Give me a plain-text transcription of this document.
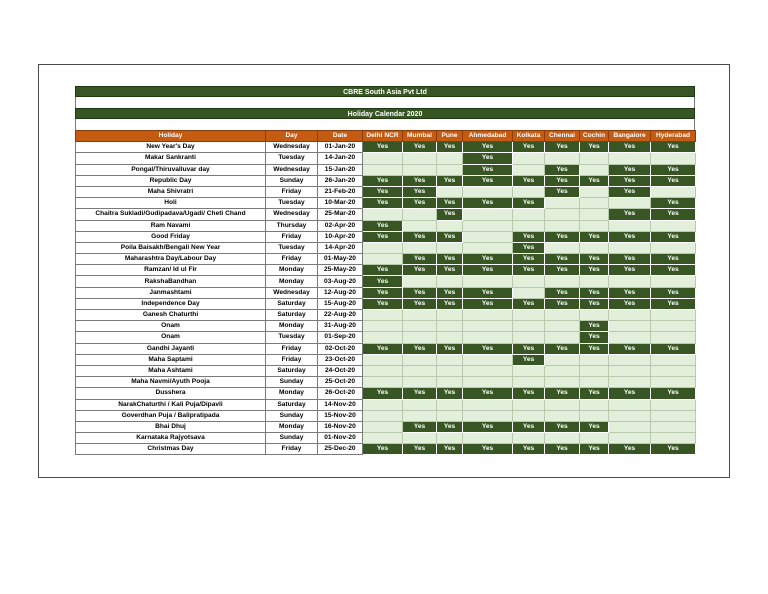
CBRE South Asia Pvt Ltd
Holiday Calendar 2020
Holiday	Day	Date	Delhi NCR	Mumbai	Pune	Ahmedabad	Kolkata	Chennai	Cochin	Bangalore	Hyderabad
New Year's Day	Wednesday	01-Jan-20	Yes	Yes	Yes	Yes	Yes	Yes	Yes	Yes	Yes
Makar Sankranti	Tuesday	14-Jan-20				Yes					
Pongal/Thiruvalluvar day	Wednesday	15-Jan-20				Yes		Yes		Yes	Yes
Republic Day	Sunday	26-Jan-20	Yes	Yes	Yes	Yes	Yes	Yes	Yes	Yes	Yes
Maha Shivratri	Friday	21-Feb-20	Yes	Yes				Yes		Yes	
Holi	Tuesday	10-Mar-20	Yes	Yes	Yes	Yes	Yes				Yes
Chaitra Sukladi/Gudipadava/Ugadi/ Cheti Chand	Wednesday	25-Mar-20			Yes					Yes	Yes
Ram Navami	Thursday	02-Apr-20	Yes								
Good Friday	Friday	10-Apr-20	Yes	Yes	Yes		Yes	Yes	Yes	Yes	Yes
Poila Baisakh/Bengali New Year	Tuesday	14-Apr-20					Yes				
Maharashtra Day/Labour Day	Friday	01-May-20		Yes	Yes	Yes	Yes	Yes	Yes	Yes	Yes
Ramzan/ Id ul Fir	Monday	25-May-20	Yes	Yes	Yes	Yes	Yes	Yes	Yes	Yes	Yes
RakshaBandhan	Monday	03-Aug-20	Yes								
Janmashtami	Wednesday	12-Aug-20	Yes	Yes	Yes	Yes		Yes	Yes	Yes	Yes
Independence Day	Saturday	15-Aug-20	Yes	Yes	Yes	Yes	Yes	Yes	Yes	Yes	Yes
Ganesh Chaturthi	Saturday	22-Aug-20									
Onam	Monday	31-Aug-20							Yes		
Onam	Tuesday	01-Sep-20							Yes		
Gandhi Jayanti	Friday	02-Oct-20	Yes	Yes	Yes	Yes	Yes	Yes	Yes	Yes	Yes
Maha Saptami	Friday	23-Oct-20					Yes				
Maha Ashtami	Saturday	24-Oct-20									
Maha Navmi/Ayuth Pooja	Sunday	25-Oct-20									
Dusshera	Monday	26-Oct-20	Yes	Yes	Yes	Yes	Yes	Yes	Yes	Yes	Yes
NarakChaturthi / Kali Puja/Dipavli	Saturday	14-Nov-20									
Goverdhan Puja / Balipratipada	Sunday	15-Nov-20									
Bhai Dhuj	Monday	16-Nov-20		Yes	Yes	Yes	Yes	Yes	Yes		
Karnataka Rajyotsava	Sunday	01-Nov-20									
Christmas Day	Friday	25-Dec-20	Yes	Yes	Yes	Yes	Yes	Yes	Yes	Yes	Yes
